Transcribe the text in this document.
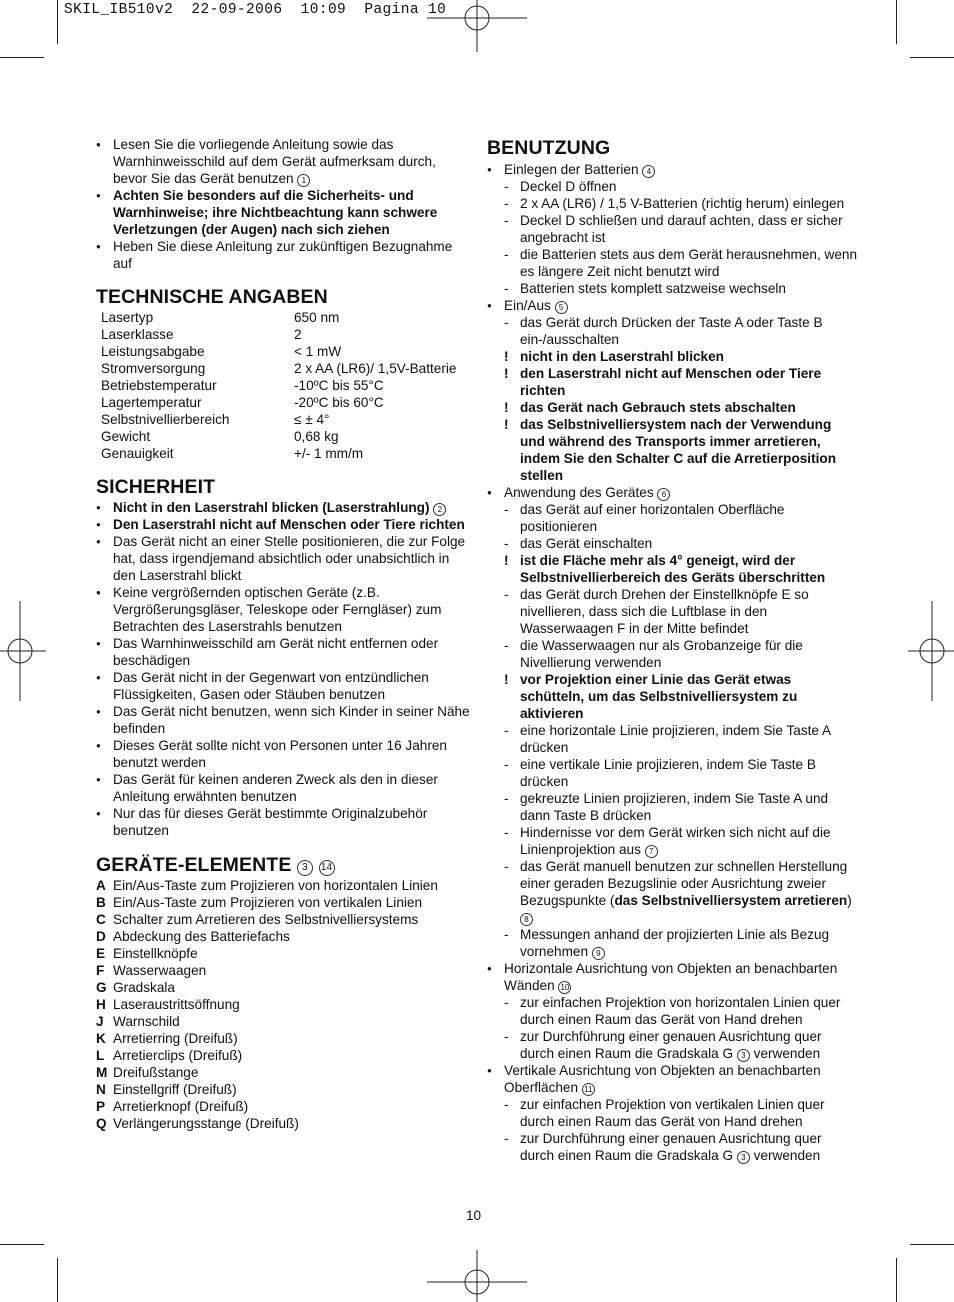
SKIL_IB510v2  22-09-2006  10:09  Pagina 10
● Lesen Sie die vorliegende Anleitung sowie das Warnhinweisschild auf dem Gerät aufmerksam durch, bevor Sie das Gerät benutzen 1
● Achten Sie besonders auf die Sicherheits- und Warnhinweise; ihre Nichtbeachtung kann schwere Verletzungen (der Augen) nach sich ziehen
● Heben Sie diese Anleitung zur zukünftigen Bezugnahme auf
TECHNISCHE ANGABEN
Lasertyp	650 nm
Laserklasse	2
Leistungsabgabe	< 1 mW
Stromversorgung	2 x AA (LR6)/ 1,5V-Batterie
Betriebstemperatur	-10ºC bis 55°C
Lagertemperatur	-20ºC bis 60°C
Selbstnivellierbereich	≤ ± 4°
Gewicht	0,68 kg
Genauigkeit	+/- 1 mm/m
SICHERHEIT
● Nicht in den Laserstrahl blicken (Laserstrahlung) 2
● Den Laserstrahl nicht auf Menschen oder Tiere richten
● Das Gerät nicht an einer Stelle positionieren, die zur Folge hat, dass irgendjemand absichtlich oder unabsichtlich in den Laserstrahl blickt
● Keine vergrößernden optischen Geräte (z.B. Vergrößerungsgläser, Teleskope oder Ferngläser) zum Betrachten des Laserstrahls benutzen
● Das Warnhinweisschild am Gerät nicht entfernen oder beschädigen
● Das Gerät nicht in der Gegenwart von entzündlichen Flüssigkeiten, Gasen oder Stäuben benutzen
● Das Gerät nicht benutzen, wenn sich Kinder in seiner Nähe befinden
● Dieses Gerät sollte nicht von Personen unter 16 Jahren benutzt werden
● Das Gerät für keinen anderen Zweck als den in dieser Anleitung erwähnten benutzen
● Nur das für dieses Gerät bestimmte Originalzubehör benutzen
GERÄTE-ELEMENTE 3 14
A Ein/Aus-Taste zum Projizieren von horizontalen Linien
B Ein/Aus-Taste zum Projizieren von vertikalen Linien
C Schalter zum Arretieren des Selbstnivelliersystems
D Abdeckung des Batteriefachs
E Einstellknöpfe
F Wasserwaagen
G Gradskala
H Laseraustrittsöffnung
J Warnschild
K Arretierring (Dreifuß)
L Arretierclips (Dreifuß)
M Dreifußstange
N Einstellgriff (Dreifuß)
P Arretierknopf (Dreifuß)
Q Verlängerungsstange (Dreifuß)
BENUTZUNG
● Einlegen der Batterien 4
- Deckel D öffnen
- 2 x AA (LR6) / 1,5 V-Batterien (richtig herum) einlegen
- Deckel D schließen und darauf achten, dass er sicher angebracht ist
- die Batterien stets aus dem Gerät herausnehmen, wenn es längere Zeit nicht benutzt wird
- Batterien stets komplett satzweise wechseln
● Ein/Aus 5
- das Gerät durch Drücken der Taste A oder Taste B ein-/ausschalten
! nicht in den Laserstrahl blicken
! den Laserstrahl nicht auf Menschen oder Tiere richten
! das Gerät nach Gebrauch stets abschalten
! das Selbstnivelliersystem nach der Verwendung und während des Transports immer arretieren, indem Sie den Schalter C auf die Arretierposition stellen
● Anwendung des Gerätes 6
- das Gerät auf einer horizontalen Oberfläche positionieren
- das Gerät einschalten
! ist die Fläche mehr als 4° geneigt, wird der Selbstnivellierbereich des Geräts überschritten
- das Gerät durch Drehen der Einstellknöpfe E so nivellieren, dass sich die Luftblase in den Wasserwaagen F in der Mitte befindet
- die Wasserwaagen nur als Grobanzeige für die Nivellierung verwenden
! vor Projektion einer Linie das Gerät etwas schütteln, um das Selbstnivelliersystem zu aktivieren
- eine horizontale Linie projizieren, indem Sie Taste A drücken
- eine vertikale Linie projizieren, indem Sie Taste B drücken
- gekreuzte Linien projizieren, indem Sie Taste A und dann Taste B drücken
- Hindernisse vor dem Gerät wirken sich nicht auf die Linienprojektion aus 7
- das Gerät manuell benutzen zur schnellen Herstellung einer geraden Bezugslinie oder Ausrichtung zweier Bezugspunkte (das Selbstnivelliersystem arretieren) 8
- Messungen anhand der projizierten Linie als Bezug vornehmen 9
● Horizontale Ausrichtung von Objekten an benachbarten Wänden 10
- zur einfachen Projektion von horizontalen Linien quer durch einen Raum das Gerät von Hand drehen
- zur Durchführung einer genauen Ausrichtung quer durch einen Raum die Gradskala G 3 verwenden
● Vertikale Ausrichtung von Objekten an benachbarten Oberflächen 11
- zur einfachen Projektion von vertikalen Linien quer durch einen Raum das Gerät von Hand drehen
- zur Durchführung einer genauen Ausrichtung quer durch einen Raum die Gradskala G 3 verwenden
10
